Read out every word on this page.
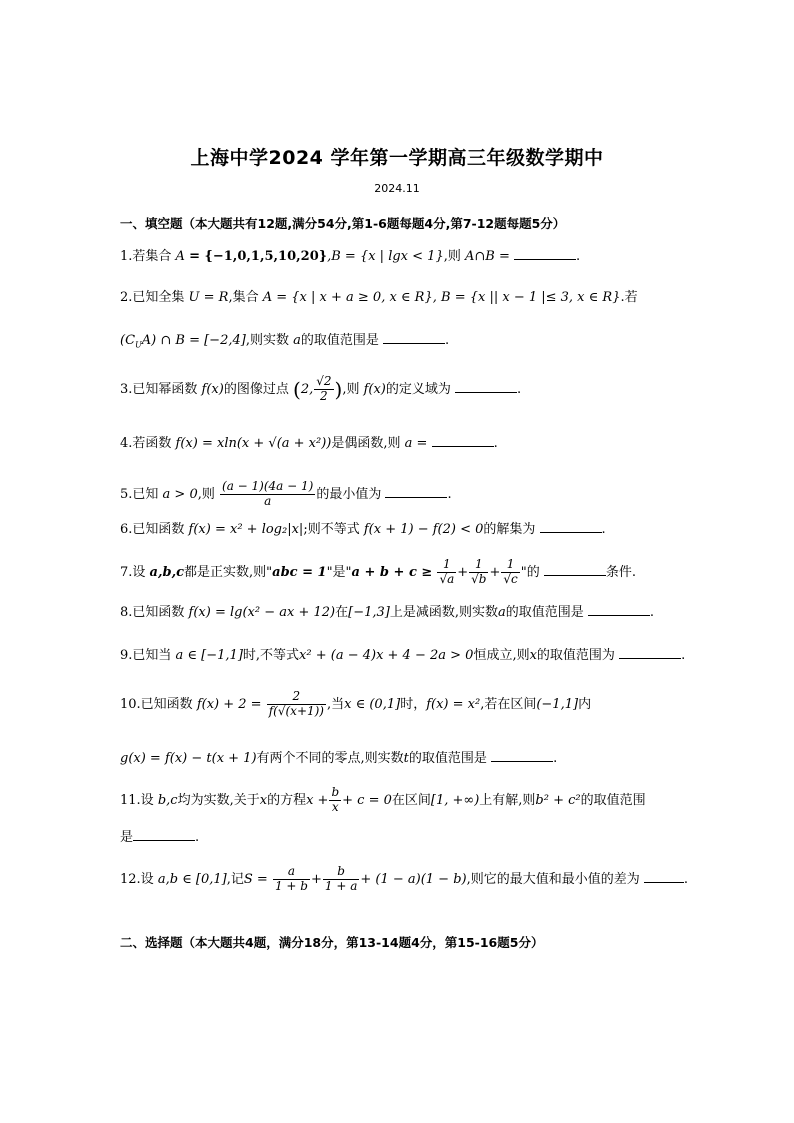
上海中学2024 学年第一学期高三年级数学期中
2024.11
一、填空题（本大题共有12题,满分54分,第1-6题每题4分,第7-12题每题5分）
1.若集合 A = {−1,0,1,5,10,20},B = {x | lgx < 1},则 A∩B =	.
2.已知全集 U = R,集合 A = {x | x + a ≥ 0, x ∈ R}, B = {x || x − 1 |≤ 3, x ∈ R}.若
$(C_UA)$ ∩ B = [−2,4],则实数 a的取值范围是	.
3.已知幂函数 f(x)的图像过点 (2, $\frac{√2}{2}$ ),则 f(x)的定义域为	.
4.若函数 f(x) = xln(x + √(a + x²))是偶函数,则 a =	.
5.已知 a > 0,则 $\frac{(a - 1)(4a - 1)}{a}$ 的最小值为	.
6.已知函数 f(x) = x² + log₂|x|;则不等式 f(x + 1) − f(2) < 0的解集为	.
7.设 a,b,c都是正实数,则"abc = 1"是"$a + b + c \ge \frac{1}{√a} + \frac{1}{√b} + \frac{1}{√c}$ "的	条件.
8.已知函数 f(x) = lg(x² − ax + 12)在[−1,3]上是减函数,则实数a的取值范围是	.
9.已知当 a ∈ [−1,1]时,不等式x² + (a − 4)x + 4 − 2a > 0恒成立,则x的取值范围为	.
10.已知函数 $f(x) + 2 = \frac{2}{f(√(x+1))}$ ,当x ∈ (0,1]时，f(x) = x²,若在区间(−1,1]内
g(x) = f(x) − t(x + 1)有两个不同的零点,则实数t的取值范围是	.
11.设 b,c均为实数,关于x的方程$x + \frac{b}{x} + c = 0$在区间[1, +∞)上有解,则b² + c²的取值范围
是	.
12.设 a,b ∈ [0,1],记$S = \frac{a}{1 + b} + \frac{b}{1 + a} + (1 - a)(1 - b)$,则它的最大值和最小值的差为	.
二、选择题（本大题共4题，满分18分，第13-14题4分，第15-16题5分）
